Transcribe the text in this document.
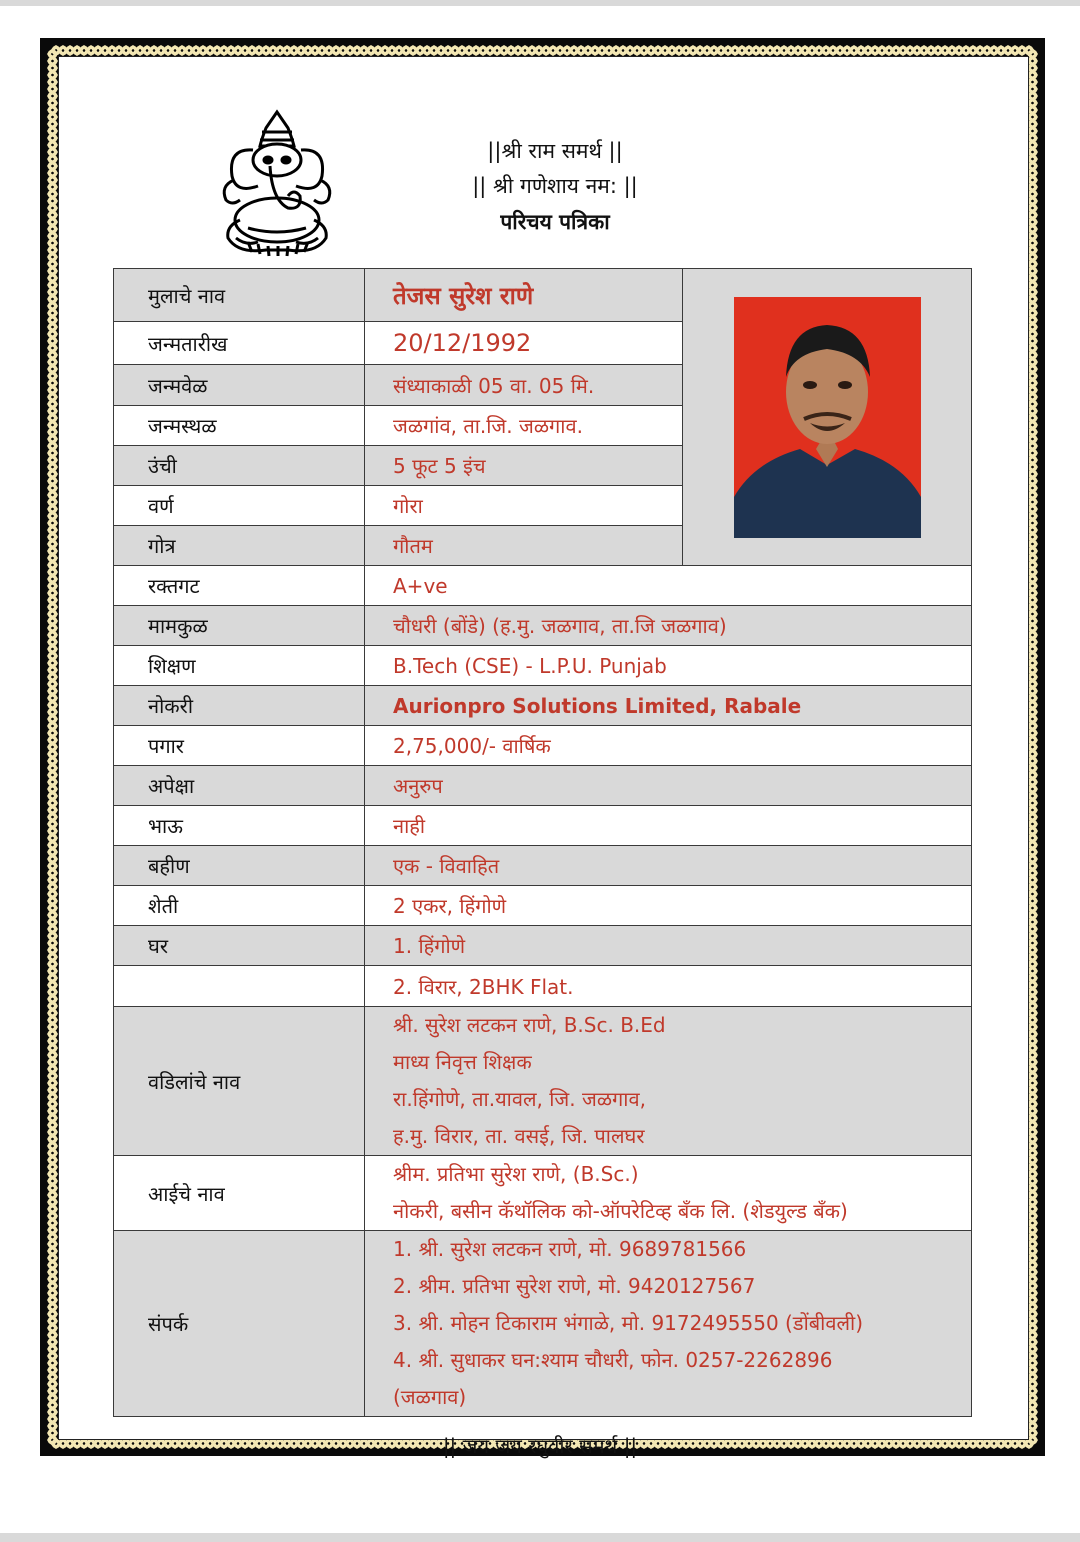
||श्री राम समर्थ ||
|| श्री गणेशाय नम: ||
परिचय पत्रिका
मुलाचे नाव	तेजस सुरेश राणे	

जन्मतारीख	20/12/1992	
जन्मवेळ	संध्याकाळी 05 वा. 05 मि.	
जन्मस्थळ	जळगांव, ता.जि. जळगाव.	
उंची	5 फूट 5 इंच	
वर्ण	गोरा	
गोत्र	गौतम	
रक्तगट	A+ve	
मामकुळ	चौधरी (बोंडे) (ह.मु. जळगाव, ता.जि जळगाव)	
शिक्षण	B.Tech (CSE) - L.P.U. Punjab	
नोकरी	Aurionpro Solutions Limited, Rabale	
पगार	2,75,000/- वार्षिक	
अपेक्षा	अनुरुप	
भाऊ	नाही	
बहीण	एक - विवाहित	
शेती	2 एकर, हिंगोणे	
घर	1. हिंगोणे	
	2. विरार, 2BHK Flat.	
वडिलांचे नाव	श्री. सुरेश लटकन राणे, B.Sc. B.Ed
माध्य निवृत्त शिक्षक
रा.हिंगोणे, ता.यावल, जि. जळगाव,
ह.मु. विरार, ता. वसई, जि. पालघर	

आईचे नाव	श्रीम. प्रतिभा सुरेश राणे, (B.Sc.)
नोकरी, बसीन कॅथॉलिक को-ऑपरेटिव्ह बॅंक लि. (शेडयुल्ड बॅंक)	

संपर्क	1. श्री. सुरेश लटकन राणे, मो. 9689781566
2. श्रीम. प्रतिभा सुरेश राणे, मो. 9420127567
3. श्री. मोहन टिकाराम भंगाळे, मो. 9172495550 (डोंबीवली)
4. श्री. सुधाकर घन:श्याम चौधरी, फोन. 0257-2262896
(जळगाव)	
|| जय जय रघुवीर समर्थ ||
